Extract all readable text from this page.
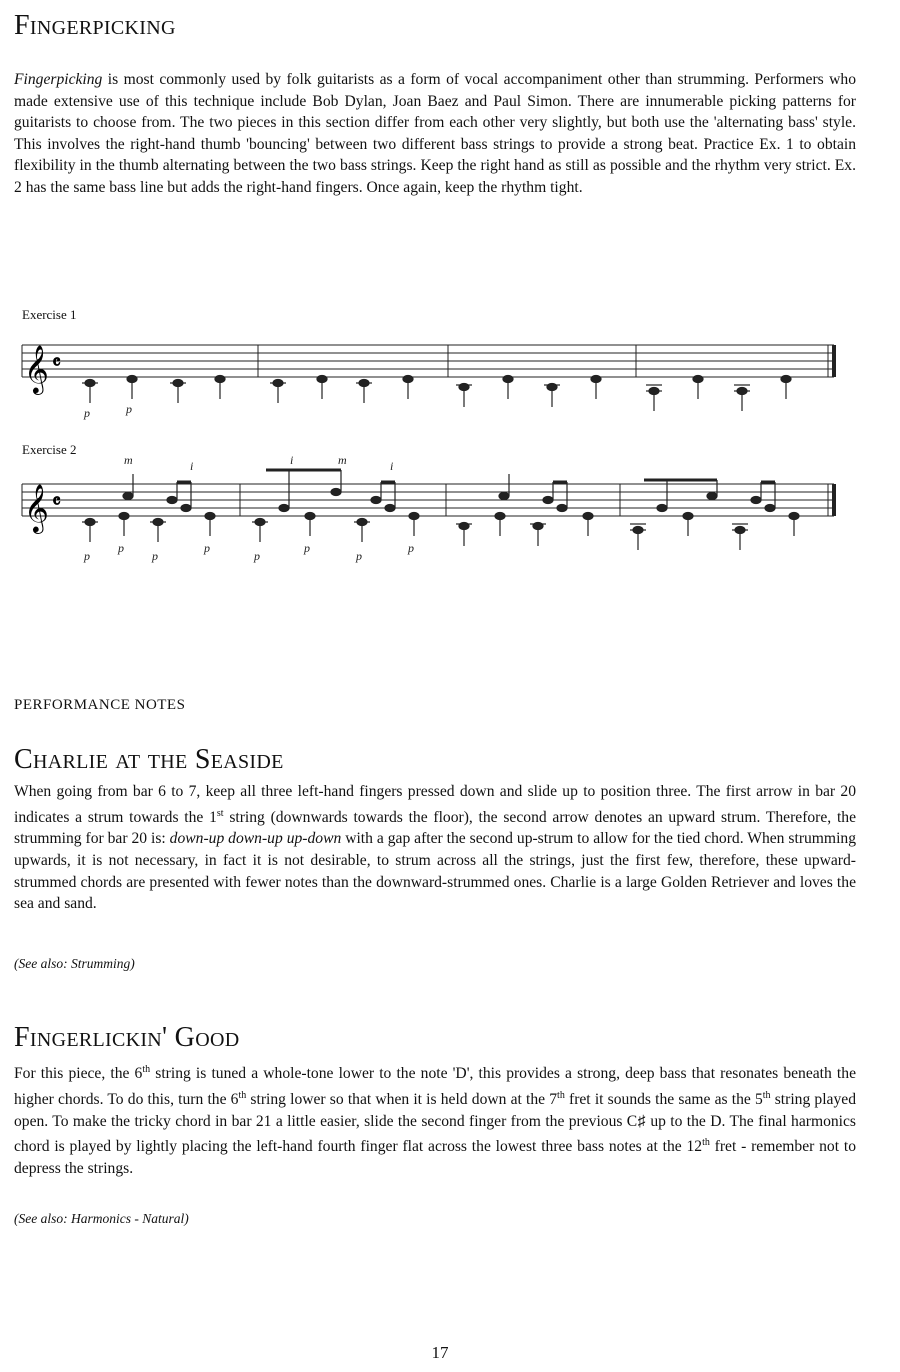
Fingerpicking
Fingerpicking is most commonly used by folk guitarists as a form of vocal accompaniment other than strumming. Performers who made extensive use of this technique include Bob Dylan, Joan Baez and Paul Simon. There are innumerable picking patterns for guitarists to choose from. The two pieces in this section differ from each other very slightly, but both use the 'alternating bass' style. This involves the right-hand thumb 'bouncing' between two different bass strings to provide a strong beat. Practice Ex. 1 to obtain flexibility in the thumb alternating between the two bass strings. Keep the right hand as still as possible and the rhythm very strict. Ex. 2 has the same bass line but adds the right-hand fingers. Once again, keep the rhythm tight.
Exercise 1
𝄞 𝄴
p	p
Exercise 2
𝄞 𝄴
m	i	i	m	i
p
p
p
p
p
p
p
p
PERFORMANCE NOTES
Charlie at the Seaside
When going from bar 6 to 7, keep all three left-hand fingers pressed down and slide up to position three. The first arrow in bar 20 indicates a strum towards the 1st string (downwards towards the floor), the second arrow denotes an upward strum. Therefore, the strumming for bar 20 is: down-up down-up up-down with a gap after the second up-strum to allow for the tied chord. When strumming upwards, it is not necessary, in fact it is not desirable, to strum across all the strings, just the first few, therefore, these upward-strummed chords are presented with fewer notes than the downward-strummed ones. Charlie is a large Golden Retriever and loves the sea and sand.
(See also: Strumming)
Fingerlickin' Good
For this piece, the 6th string is tuned a whole-tone lower to the note 'D', this provides a strong, deep bass that resonates beneath the higher chords. To do this, turn the 6th string lower so that when it is held down at the 7th fret it sounds the same as the 5th string played open. To make the tricky chord in bar 21 a little easier, slide the second finger from the previous C♯ up to the D. The final harmonics chord is played by lightly placing the left-hand fourth finger flat across the lowest three bass notes at the 12th fret - remember not to depress the strings.
(See also: Harmonics - Natural)
17
